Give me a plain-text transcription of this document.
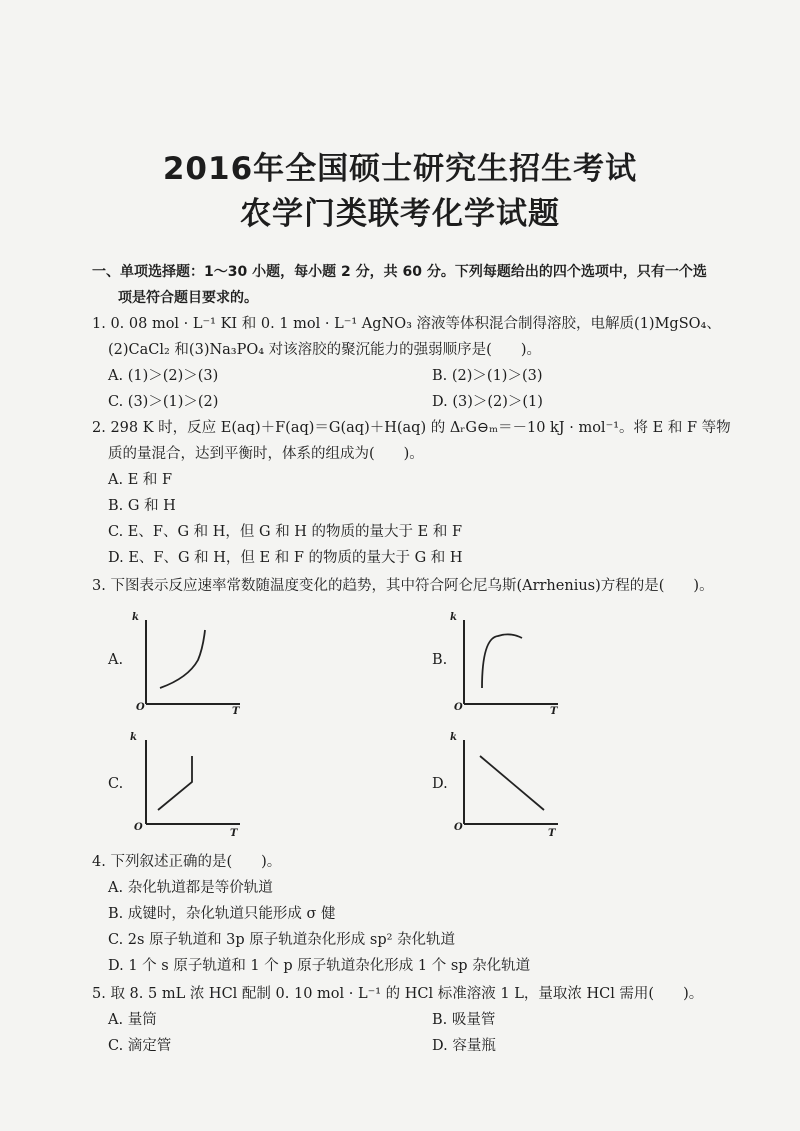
2016年全国硕士研究生招生考试
农学门类联考化学试题
一、单项选择题：1～30 小题，每小题 2 分，共 60 分。下列每题给出的四个选项中，只有一个选
项是符合题目要求的。
1. 0. 08 mol · L⁻¹ KI 和 0. 1 mol · L⁻¹ AgNO₃ 溶液等体积混合制得溶胶，电解质(1)MgSO₄、
(2)CaCl₂ 和(3)Na₃PO₄ 对该溶胶的聚沉能力的强弱顺序是(　　)。
A. (1)＞(2)＞(3)	B. (2)＞(1)＞(3)
C. (3)＞(1)＞(2)	D. (3)＞(2)＞(1)
2. 298 K 时，反应 E(aq)＋F(aq)＝G(aq)＋H(aq) 的 ΔᵣG⊖ₘ＝－10 kJ · mol⁻¹。将 E 和 F 等物
质的量混合，达到平衡时，体系的组成为(　　)。
A. E 和 F
B. G 和 H
C. E、F、G 和 H，但 G 和 H 的物质的量大于 E 和 F
D. E、F、G 和 H，但 E 和 F 的物质的量大于 G 和 H
3. 下图表示反应速率常数随温度变化的趋势，其中符合阿仑尼乌斯(Arrhenius)方程的是(　　)。
A.
k
O	T
B.
k
O	T
C.
k
O
T
D.
k
O
T
4. 下列叙述正确的是(　　)。
A. 杂化轨道都是等价轨道
B. 成键时，杂化轨道只能形成 σ 健
C. 2s 原子轨道和 3p 原子轨道杂化形成 sp² 杂化轨道
D. 1 个 s 原子轨道和 1 个 p 原子轨道杂化形成 1 个 sp 杂化轨道
5. 取 8. 5 mL 浓 HCl 配制 0. 10 mol · L⁻¹ 的 HCl 标准溶液 1 L，量取浓 HCl 需用(　　)。
A. 量筒	B. 吸量管
C. 滴定管	D. 容量瓶
